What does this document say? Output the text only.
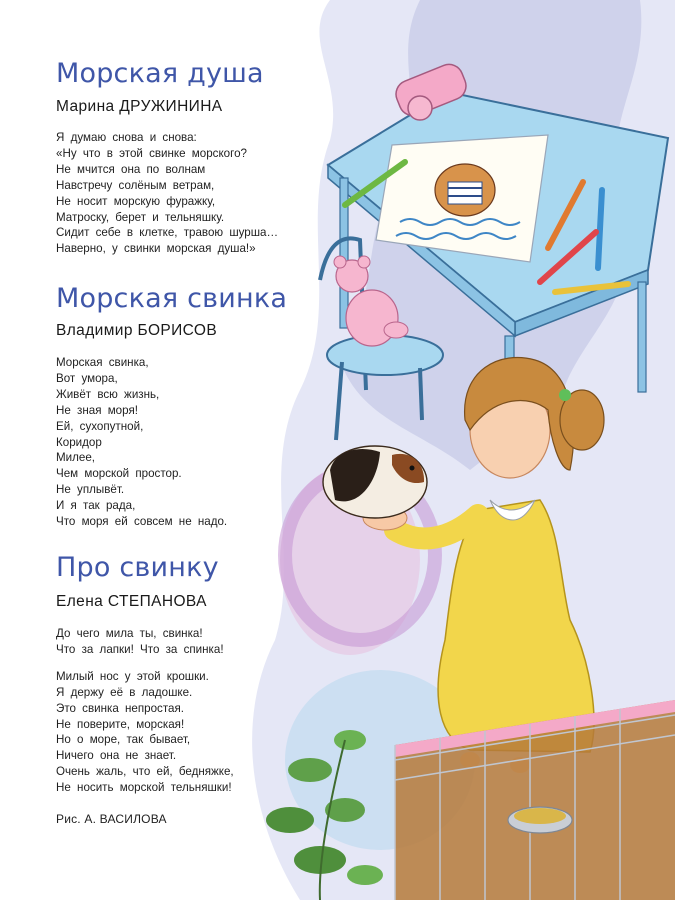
Морская душа
Марина ДРУЖИНИНА
Я думаю снова и снова:
«Ну что в этой свинке морского?
Не мчится она по волнам
Навстречу солёным ветрам,
Не носит морскую фуражку,
Матроску, берет и тельняшку.
Сидит себе в клетке, травою шурша…
Наверно, у свинки морская душа!»
Морская свинка
Владимир БОРИСОВ
Морская свинка,
Вот умора,
Живёт всю жизнь,
Не зная моря!
Ей, сухопутной,
Коридор
Милее,
Чем морской простор.
Не уплывёт.
И я так рада,
Что моря ей совсем не надо.
Про свинку
Елена СТЕПАНОВА
До чего мила ты, свинка!
Что за лапки! Что за спинка!
Милый нос у этой крошки.
Я держу её в ладошке.
Это свинка непростая.
Не поверите, морская!
Но о море, так бывает,
Ничего она не знает.
Очень жаль, что ей, бедняжке,
Не носить морской тельняшки!
Рис. А. ВАСИЛОВА
